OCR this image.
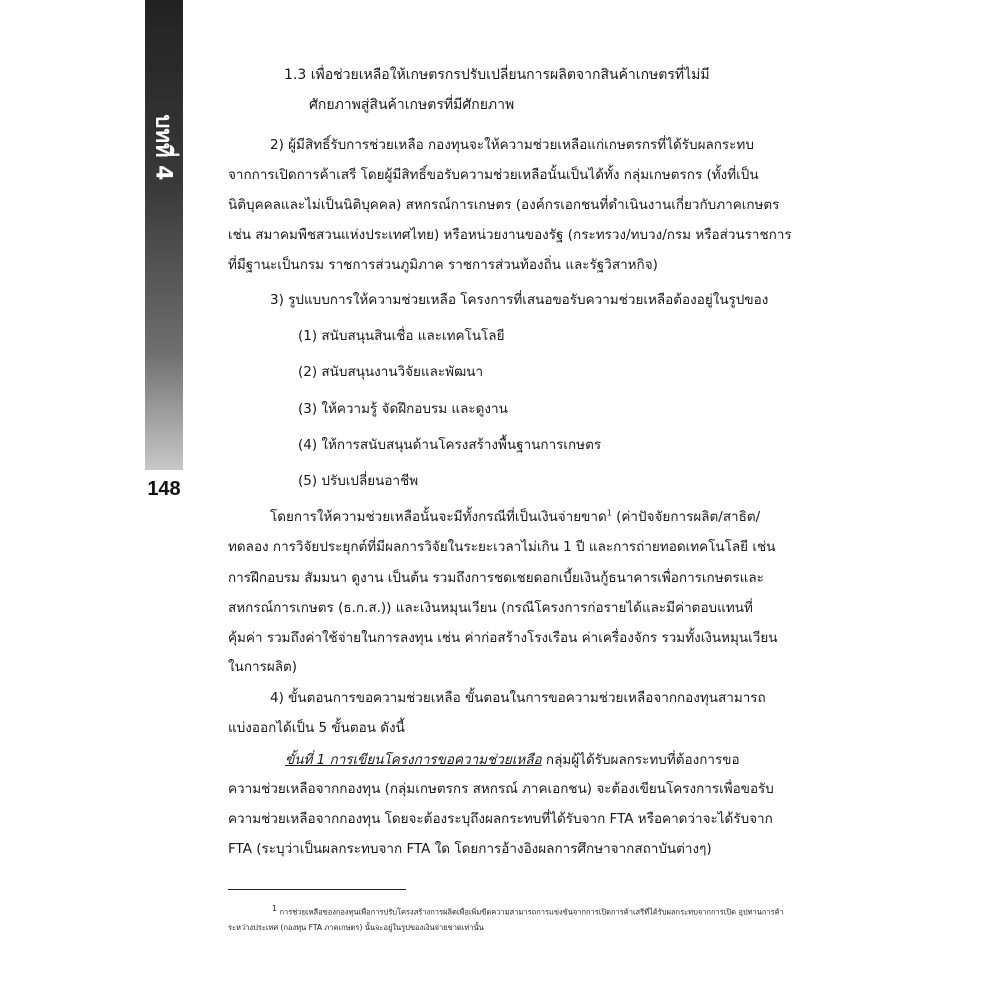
บทที่ 4
148
1.3 เพื่อช่วยเหลือให้เกษตรกรปรับเปลี่ยนการผลิตจากสินค้าเกษตรที่ไม่มี
ศักยภาพสู่สินค้าเกษตรที่มีศักยภาพ
2) ผู้มีสิทธิ์รับการช่วยเหลือ กองทุนจะให้ความช่วยเหลือแก่เกษตรกรที่ได้รับผลกระทบ
จากการเปิดการค้าเสรี โดยผู้มีสิทธิ์ขอรับความช่วยเหลือนั้นเป็นได้ทั้ง กลุ่มเกษตรกร (ทั้งที่เป็น
นิติบุคคลและไม่เป็นนิติบุคคล) สหกรณ์การเกษตร (องค์กรเอกชนที่ดำเนินงานเกี่ยวกับภาคเกษตร
เช่น สมาคมพืชสวนแห่งประเทศไทย) หรือหน่วยงานของรัฐ (กระทรวง/ทบวง/กรม หรือส่วนราชการ
ที่มีฐานะเป็นกรม ราชการส่วนภูมิภาค ราชการส่วนท้องถิ่น และรัฐวิสาหกิจ)
3) รูปแบบการให้ความช่วยเหลือ โครงการที่เสนอขอรับความช่วยเหลือต้องอยู่ในรูปของ
(1) สนับสนุนสินเชื่อ และเทคโนโลยี
(2) สนับสนุนงานวิจัยและพัฒนา
(3) ให้ความรู้ จัดฝึกอบรม และดูงาน
(4) ให้การสนับสนุนด้านโครงสร้างพื้นฐานการเกษตร
(5) ปรับเปลี่ยนอาชีพ
โดยการให้ความช่วยเหลือนั้นจะมีทั้งกรณีที่เป็นเงินจ่ายขาด$^1$ (ค่าปัจจัยการผลิต/สาธิต/
ทดลอง การวิจัยประยุกต์ที่มีผลการวิจัยในระยะเวลาไม่เกิน 1 ปี และการถ่ายทอดเทคโนโลยี เช่น
การฝึกอบรม สัมมนา ดูงาน เป็นต้น รวมถึงการชดเชยดอกเบี้ยเงินกู้ธนาคารเพื่อการเกษตรและ
สหกรณ์การเกษตร (ธ.ก.ส.)) และเงินหมุนเวียน (กรณีโครงการก่อรายได้และมีค่าตอบแทนที่
คุ้มค่า รวมถึงค่าใช้จ่ายในการลงทุน เช่น ค่าก่อสร้างโรงเรือน ค่าเครื่องจักร รวมทั้งเงินหมุนเวียน
ในการผลิต)
4) ขั้นตอนการขอความช่วยเหลือ ขั้นตอนในการขอความช่วยเหลือจากกองทุนสามารถ
แบ่งออกได้เป็น 5 ขั้นตอน ดังนี้
ขั้นที่ 1 การเขียนโครงการขอความช่วยเหลือ กลุ่มผู้ได้รับผลกระทบที่ต้องการขอ
ความช่วยเหลือจากกองทุน (กลุ่มเกษตรกร สหกรณ์ ภาคเอกชน) จะต้องเขียนโครงการเพื่อขอรับ
ความช่วยเหลือจากกองทุน โดยจะต้องระบุถึงผลกระทบที่ได้รับจาก FTA หรือคาดว่าจะได้รับจาก
FTA (ระบุว่าเป็นผลกระทบจาก FTA ใด โดยการอ้างอิงผลการศึกษาจากสถาบันต่างๆ)
$^1$ การช่วยเหลือของกองทุนเพื่อการปรับโครงสร้างการผลิตเพื่อเพิ่มขีดความสามารถการแข่งขันจากการเปิดการค้าเสรีที่ได้รับผลกระทบจากการเปิด อุปทานการค้า
ระหว่างประเทศ (กองทุน FTA ภาคเกษตร) นั้นจะอยู่ในรูปของเงินจ่ายขาดเท่านั้น
